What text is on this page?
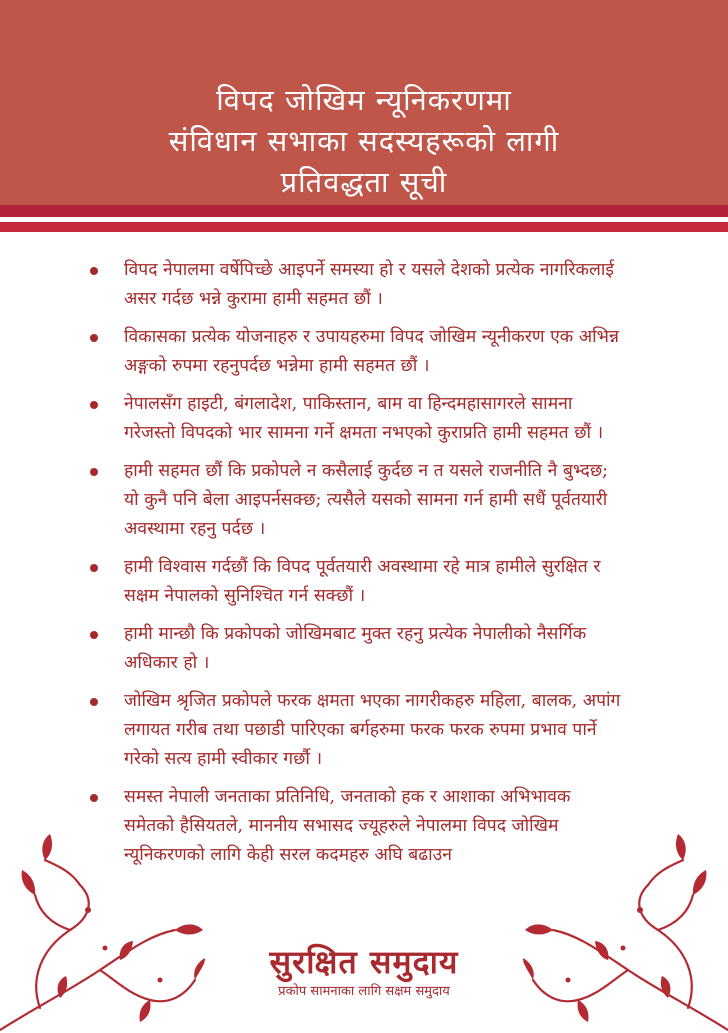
विपद जोखिम न्यूनिकरणमा
संविधान सभाका सदस्यहरूको लागी
प्रतिवद्धता सूची
विपद नेपालमा वर्षेपिच्छे आइपर्ने समस्या हो र यसले देशको प्रत्येक नागरिकलाई असर गर्दछ भन्ने कुरामा हामी सहमत छौं ।
विकासका प्रत्येक योजनाहरु र उपायहरुमा विपद जोखिम न्यूनीकरण एक अभिन्न अङ्गको रुपमा रहनुपर्दछ भन्नेमा हामी सहमत छौं ।
नेपालसँग हाइटी, बंगलादेश, पाकिस्तान, बाम वा हिन्दमहासागरले सामना गरेजस्तो विपदको भार सामना गर्ने क्षमता नभएको कुराप्रति हामी सहमत छौं ।
हामी सहमत छौं कि प्रकोपले न कसैलाई कुर्दछ न त यसले राजनीति नै बुभ्दछ; यो कुनै पनि बेला आइपर्नसक्छ; त्यसैले यसको सामना गर्न हामी सधैं पूर्वतयारी अवस्थामा रहनु पर्दछ ।
हामी विश्वास गर्दछौं कि विपद पूर्वतयारी अवस्थामा रहे मात्र हामीले सुरक्षित र सक्षम नेपालको सुनिश्चित गर्न सक्छौं ।
हामी मान्छौ कि प्रकोपको जोखिमबाट मुक्त रहनु प्रत्येक नेपालीको नैसर्गिक अधिकार हो ।
जोखिम श्रृजित प्रकोपले फरक क्षमता भएका नागरीकहरु महिला, बालक, अपांग लगायत गरीब तथा पछाडी पारिएका बर्गहरुमा फरक फरक रुपमा प्रभाव पार्ने गरेको सत्य हामी स्वीकार गर्छौ ।
समस्त नेपाली जनताका प्रतिनिधि, जनताको हक र आशाका अभिभावक समेतको हैसियतले, माननीय सभासद ज्यूहरुले नेपालमा विपद जोखिम न्यूनिकरणको लागि केही सरल कदमहरु अघि बढाउन
सुरक्षित समुदाय
प्रकोप सामनाका लागि सक्षम समुदाय
